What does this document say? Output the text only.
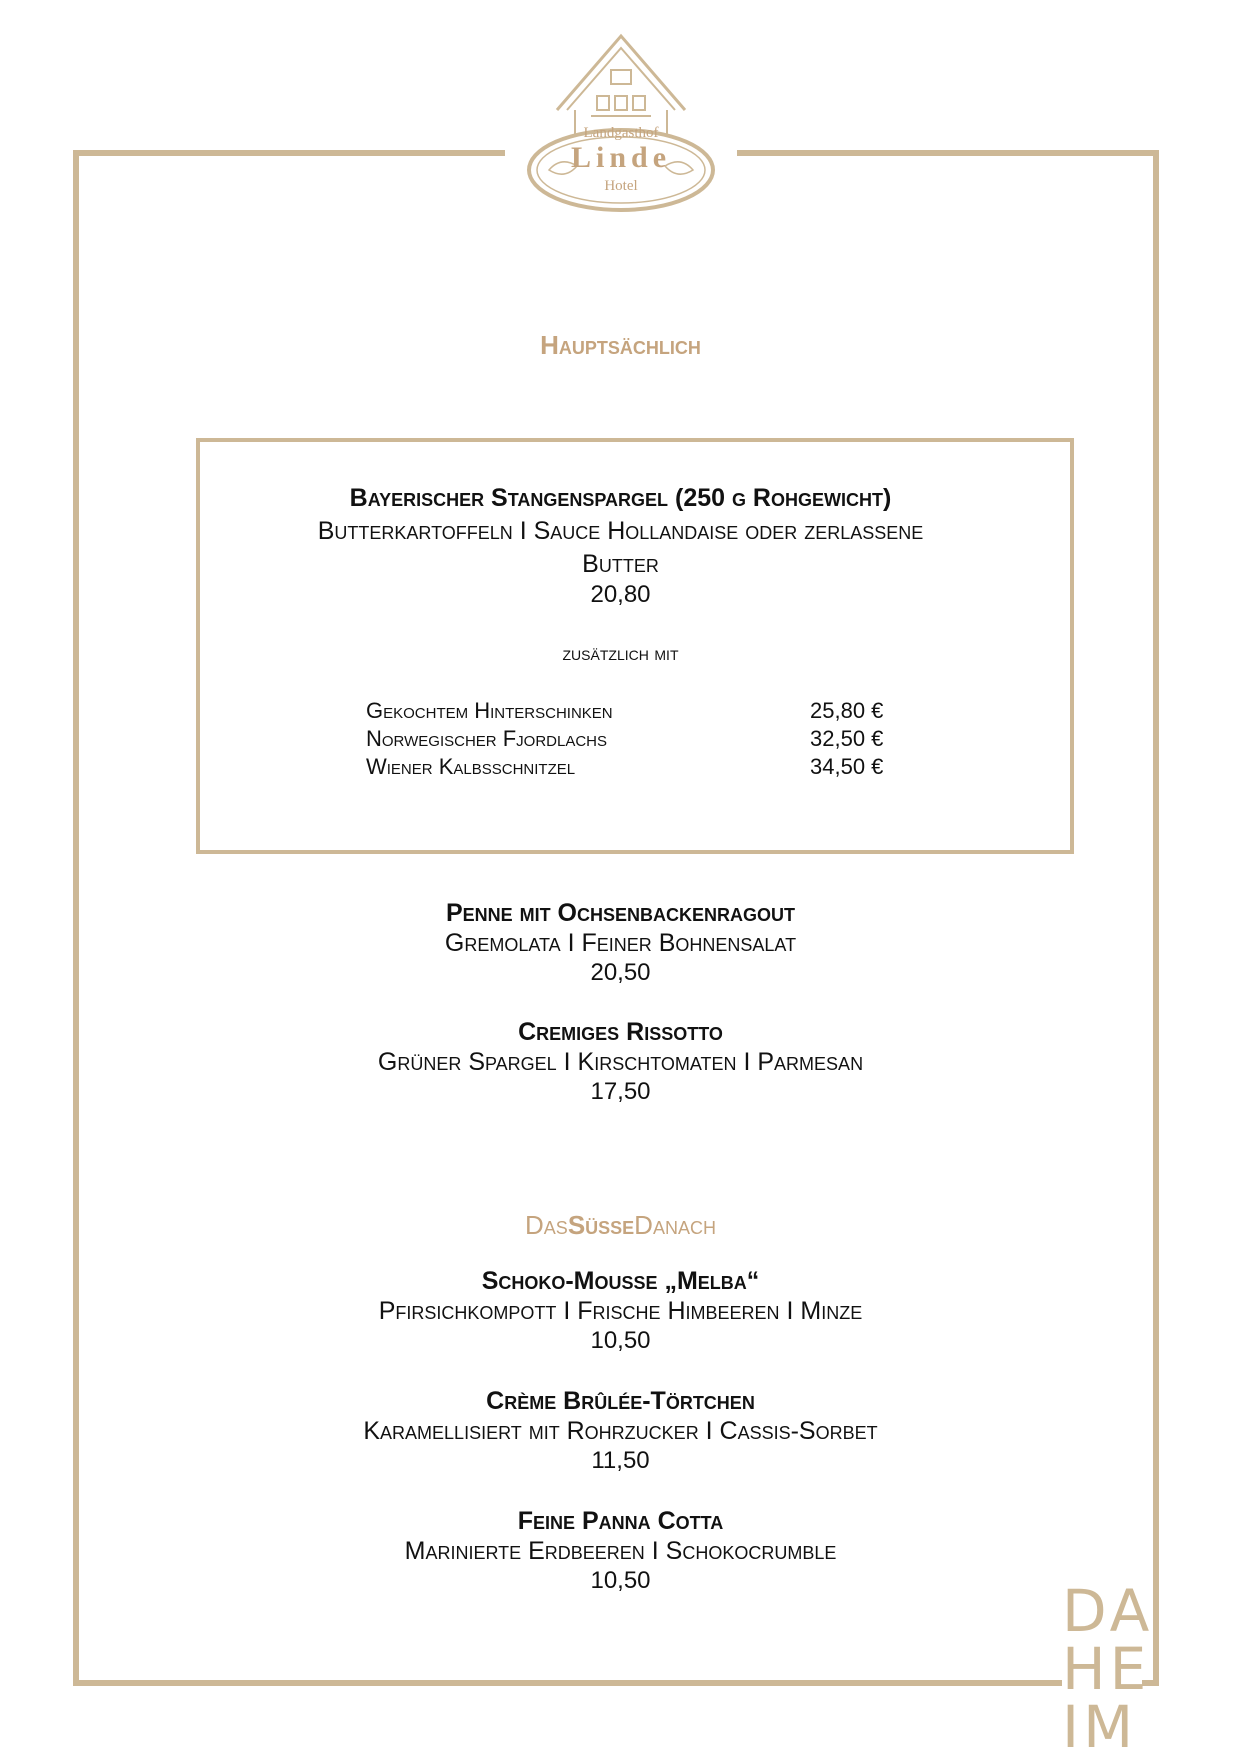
Landgasthof
Linde
Hotel
Hauptsächlich
Bayerischer Stangenspargel (250 g Rohgewicht)
Butterkartoffeln I Sauce Hollandaise oder zerlassene
Butter
20,80
zusätzlich mit
Gekochtem Hinterschinken	25,80 €
Norwegischer Fjordlachs	32,50 €
Wiener Kalbsschnitzel	34,50 €
Penne mit Ochsenbackenragout
Gremolata I Feiner Bohnensalat
20,50
Cremiges Rissotto
Grüner Spargel I Kirschtomaten I Parmesan
17,50
DasSüßeDanach
Schoko-Mousse „Melba“
Pfirsichkompott I Frische Himbeeren I Minze
10,50
Crème Brûlée-Törtchen
Karamellisiert mit Rohrzucker I Cassis-Sorbet
11,50
Feine Panna Cotta
Marinierte Erdbeeren I Schokocrumble
10,50	DA
HE
IM
